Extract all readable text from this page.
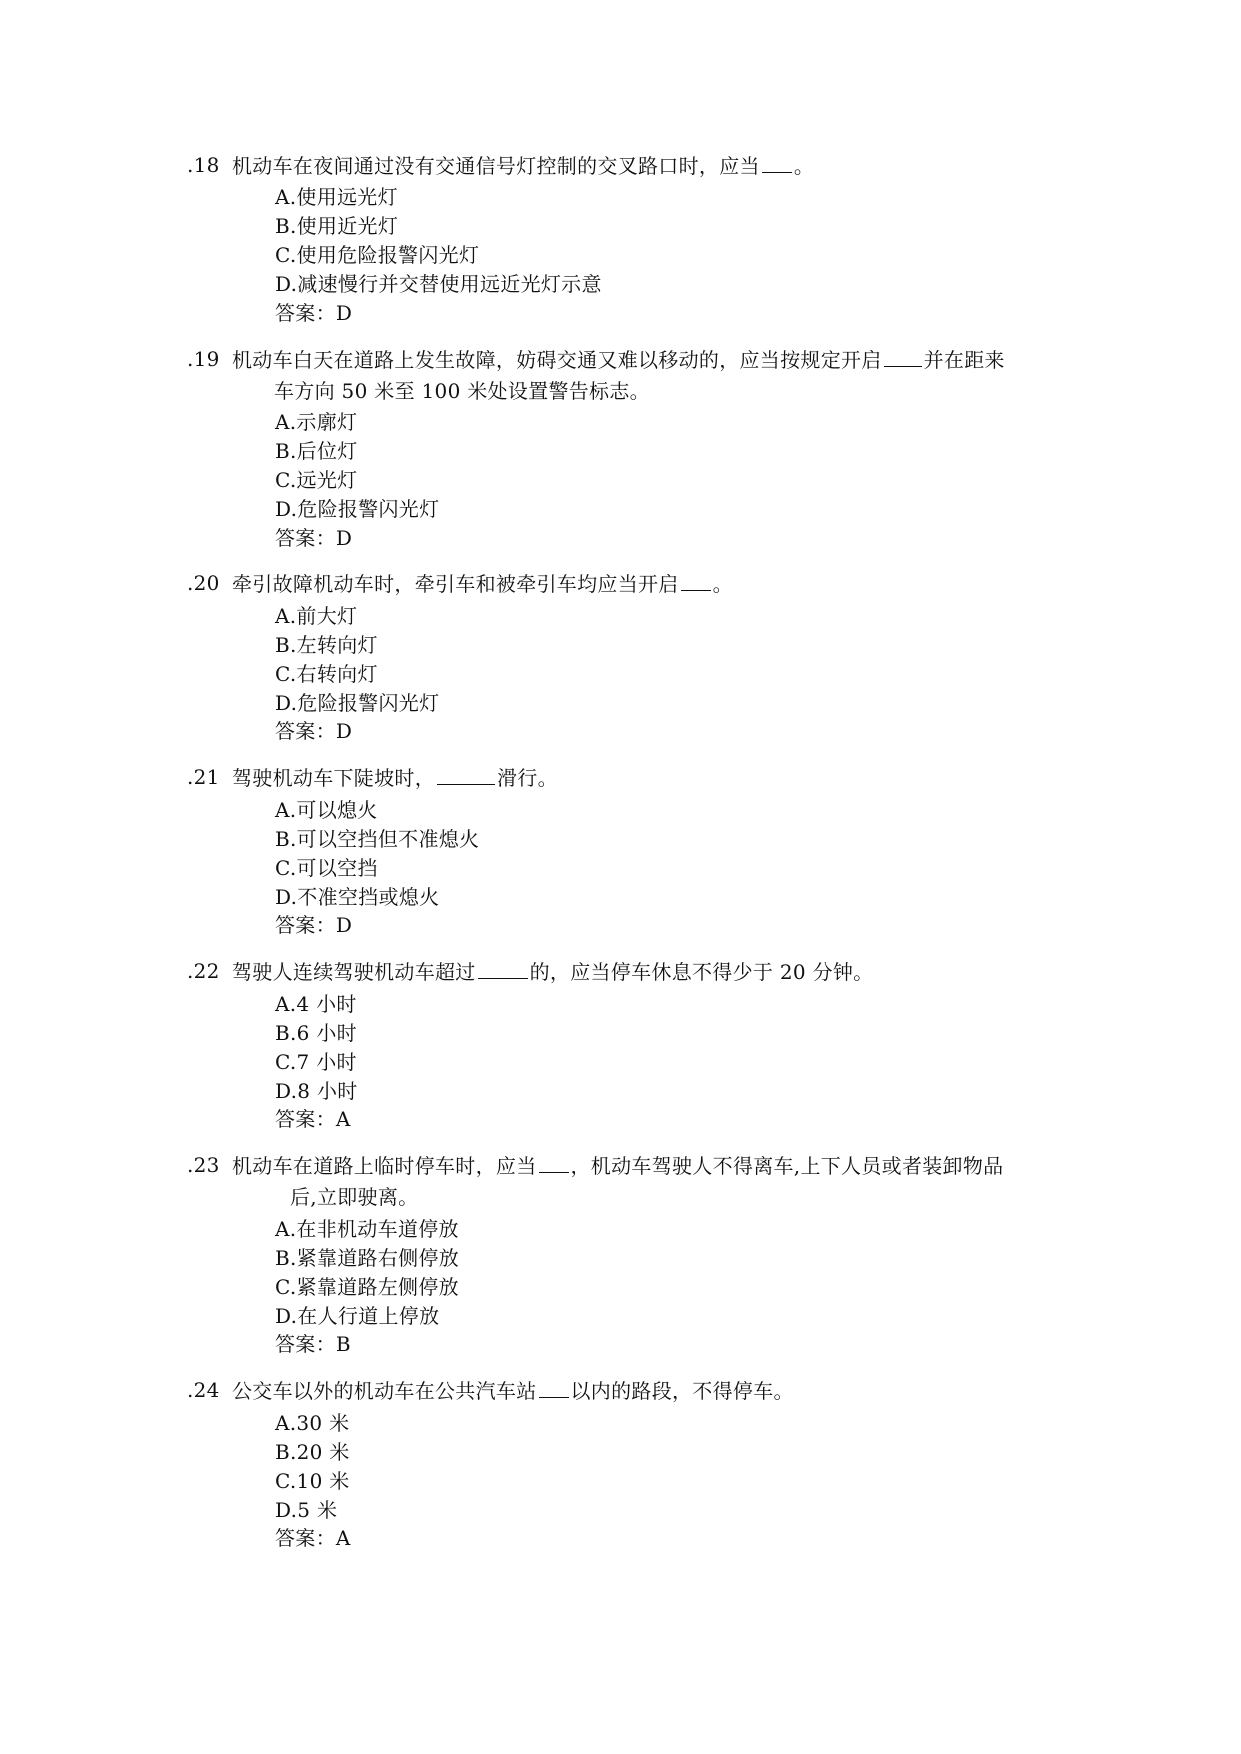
.18 机动车在夜间通过没有交通信号灯控制的交叉路口时，应当 。
A.使用远光灯
B.使用近光灯
C.使用危险报警闪光灯
D.减速慢行并交替使用远近光灯示意
答案：D
.19 机动车白天在道路上发生故障，妨碍交通又难以移动的，应当按规定开启 并在距来
车方向 50 米至 100 米处设置警告标志。
A.示廓灯
B.后位灯
C.远光灯
D.危险报警闪光灯
答案：D
.20 牵引故障机动车时，牵引车和被牵引车均应当开启 。
A.前大灯
B.左转向灯
C.右转向灯
D.危险报警闪光灯
答案：D
.21 驾驶机动车下陡坡时，	滑行。
A.可以熄火
B.可以空挡但不准熄火
C.可以空挡
D.不准空挡或熄火
答案：D
.22 驾驶人连续驾驶机动车超过	的，应当停车休息不得少于 20 分钟。
A.4 小时
B.6 小时
C.7 小时
D.8 小时
答案：A
.23 机动车在道路上临时停车时，应当 ，机动车驾驶人不得离车,上下人员或者装卸物品
后,立即驶离。
A.在非机动车道停放
B.紧靠道路右侧停放
C.紧靠道路左侧停放
D.在人行道上停放
答案：B
.24 公交车以外的机动车在公共汽车站 以内的路段，不得停车。
A.30 米
B.20 米
C.10 米
D.5 米
答案：A
